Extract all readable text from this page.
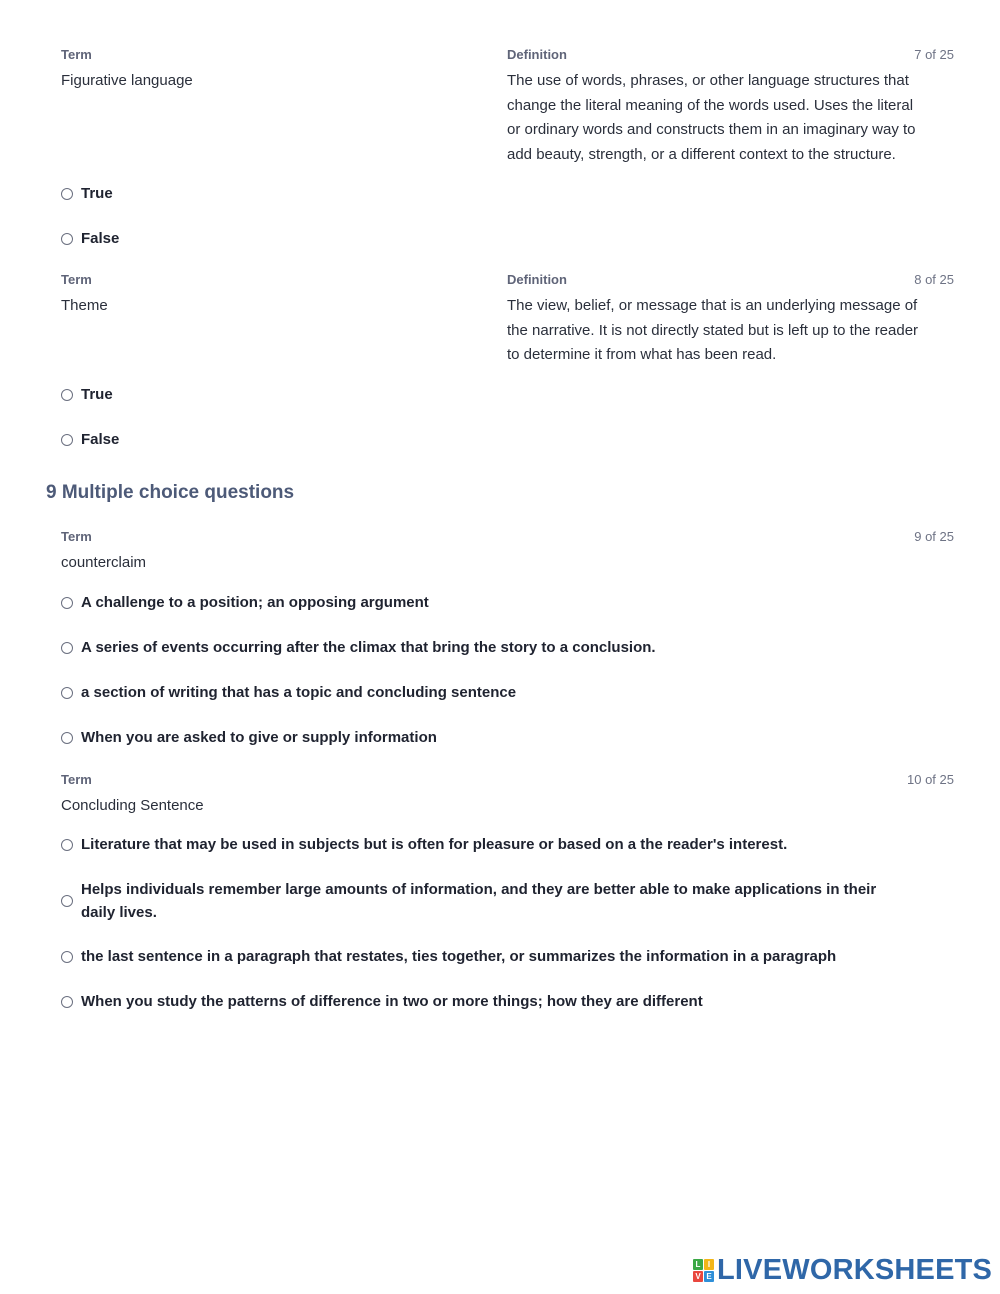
Term	Definition	7 of 25
Figurative language	The use of words, phrases, or other language structures that
change the literal meaning of the words used. Uses the literal
or ordinary words and constructs them in an imaginary way to
add beauty, strength, or a different context to the structure.
True
False
Term	Definition	8 of 25
Theme	The view, belief, or message that is an underlying message of
the narrative. It is not directly stated but is left up to the reader
to determine it from what has been read.
True
False
9 Multiple choice questions
Term	9 of 25
counterclaim
A challenge to a position; an opposing argument
A series of events occurring after the climax that bring the story to a conclusion.
a section of writing that has a topic and concluding sentence
When you are asked to give or supply information
Term	10 of 25
Concluding Sentence
Literature that may be used in subjects but is often for pleasure or based on a the reader's interest.
Helps individuals remember large amounts of information, and they are better able to make applications in their daily lives.
the last sentence in a paragraph that restates, ties together, or summarizes the information in a paragraph
When you study the patterns of difference in two or more things; how they are different
L I
V E LIVEWORKSHEETS
